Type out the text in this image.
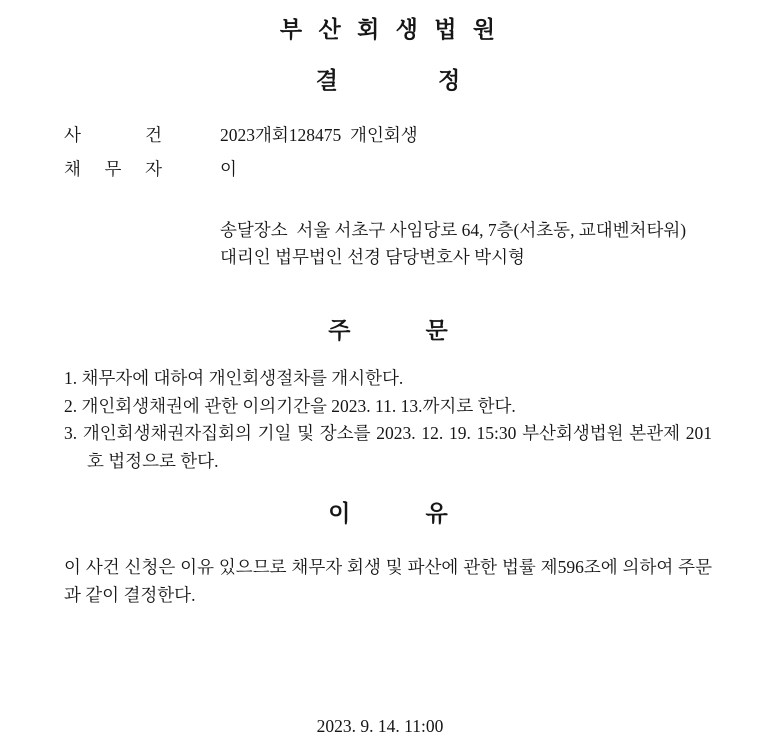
부 산 회 생 법 원
결	정
사	건	2023개회128475  개인회생
채 무 자	이
송달장소  서울 서초구 사임당로 64, 7층(서초동, 교대벤처타워)
대리인 법무법인 선경 담당변호사 박시형
주	문

1. 채무자에 대하여 개인회생절차를 개시한다.

2. 개인회생채권에 관한 이의기간을 2023. 11. 13.까지로 한다.

3. 개인회생채권자집회의 기일 및 장소를 2023. 12. 19. 15:30 부산회생법원 본관제 201호 법정으로 한다.

이	유

이 사건 신청은 이유 있으므로 채무자 회생 및 파산에 관한 법률 제596조에 의하여 주문과 같이 결정한다.

2023. 9. 14. 11:00
